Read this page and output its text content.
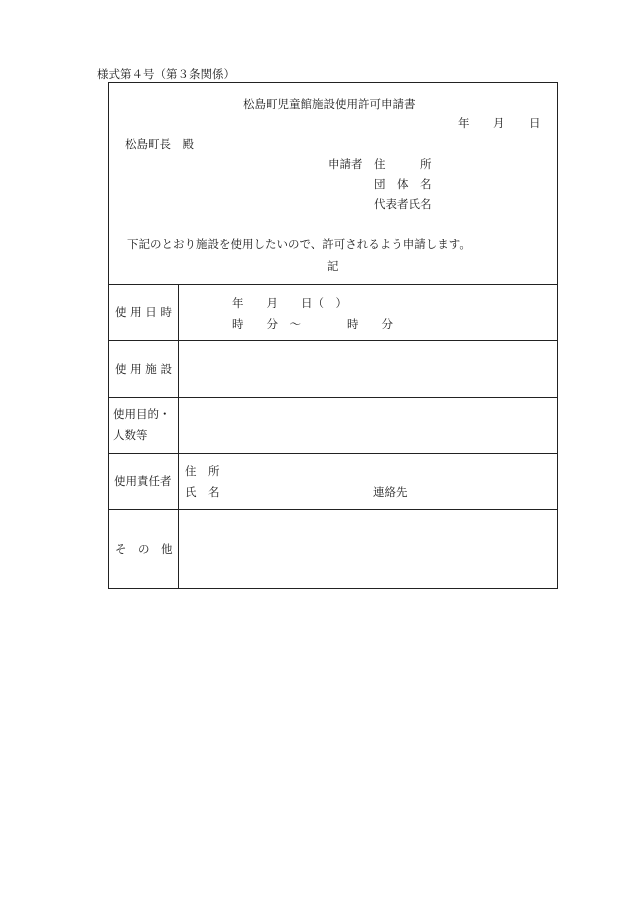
様式第４号（第３条関係）
松島町児童館施設使用許可申請書
年 月 日
松島町長　殿
申請者 住　　　所
団　体　名
代表者氏名
下記のとおり施設を使用したいので、許可されるよう申請します。
記
使 用 日 時
年　　月　　日（　）
時　　分　～　　　　時　　分
使 用 施 設
使用目的・
人数等
使用責任者
住　所
氏　名	連絡先
そ　の　他
